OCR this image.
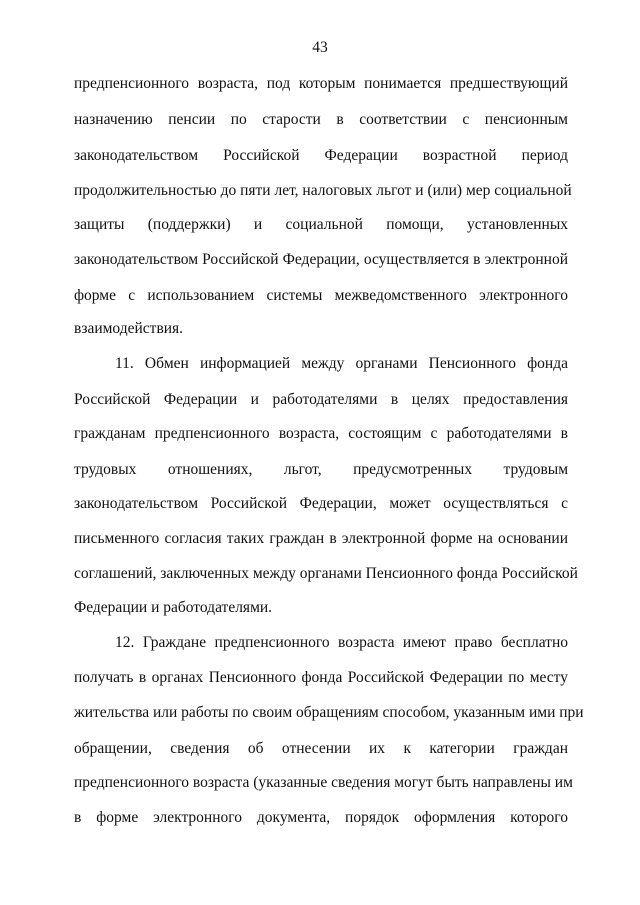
43
предпенсионного возраста, под которым понимается предшествующий
назначению пенсии по старости в соответствии с пенсионным
законодательством Российской Федерации возрастной период
продолжительностью до пяти лет, налоговых льгот и (или) мер социальной
защиты (поддержки) и социальной помощи, установленных
законодательством Российской Федерации, осуществляется в электронной
форме с использованием системы межведомственного электронного
взаимодействия.
11. Обмен информацией между органами Пенсионного фонда
Российской Федерации и работодателями в целях предоставления
гражданам предпенсионного возраста, состоящим с работодателями в
трудовых отношениях, льгот, предусмотренных трудовым
законодательством Российской Федерации, может осуществляться с
письменного согласия таких граждан в электронной форме на основании
соглашений, заключенных между органами Пенсионного фонда Российской
Федерации и работодателями.
12. Граждане предпенсионного возраста имеют право бесплатно
получать в органах Пенсионного фонда Российской Федерации по месту
жительства или работы по своим обращениям способом, указанным ими при
обращении, сведения об отнесении их к категории граждан
предпенсионного возраста (указанные сведения могут быть направлены им
в форме электронного документа, порядок оформления которого
